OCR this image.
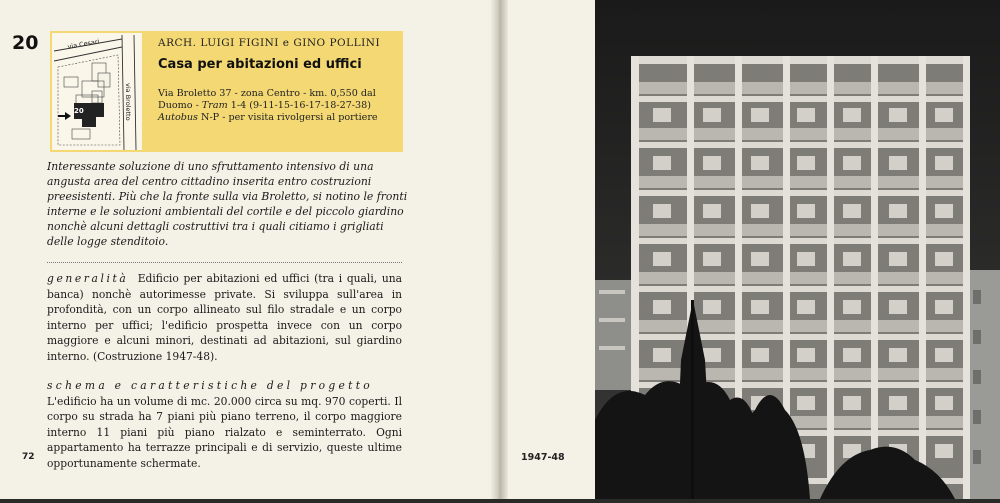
20
20
via Cesari
via Broletto
ARCH. LUIGI FIGINI e GINO POLLINI
Casa per abitazioni ed uffici
Via Broletto 37 - zona Centro - km. 0,550 dal Duomo - Tram 1-4 (9-11-15-16-17-18-27-38) Autobus N-P - per visita rivolgersi al portiere
Interessante soluzione di uno sfruttamento intensivo di una angusta area del centro cittadino inserita entro costruzioni preesistenti. Più che la fronte sulla via Broletto, si notino le fronti interne e le soluzioni ambientali del cortile e del piccolo giardino nonchè alcuni dettagli costruttivi tra i quali citiamo i grigliati delle logge stenditoio.
generalità Edificio per abitazioni ed uffici (tra i quali, una banca) nonchè autorimesse private. Si sviluppa sull'area in profondità, con un corpo allineato sul filo stradale e un corpo interno per uffici; l'edificio prospetta invece con un corpo maggiore e alcuni minori, destinati ad abitazioni, sul giardino interno. (Costruzione 1947-48).
schema e caratteristiche del progetto
L'edificio ha un volume di mc. 20.000 circa su mq. 970 coperti. Il corpo su strada ha 7 piani più piano terreno, il corpo maggiore interno 11 piani più piano rialzato e seminterrato. Ogni appartamento ha terrazze principali e di servizio, queste ultime opportunamente schermate.
72	1947-48
